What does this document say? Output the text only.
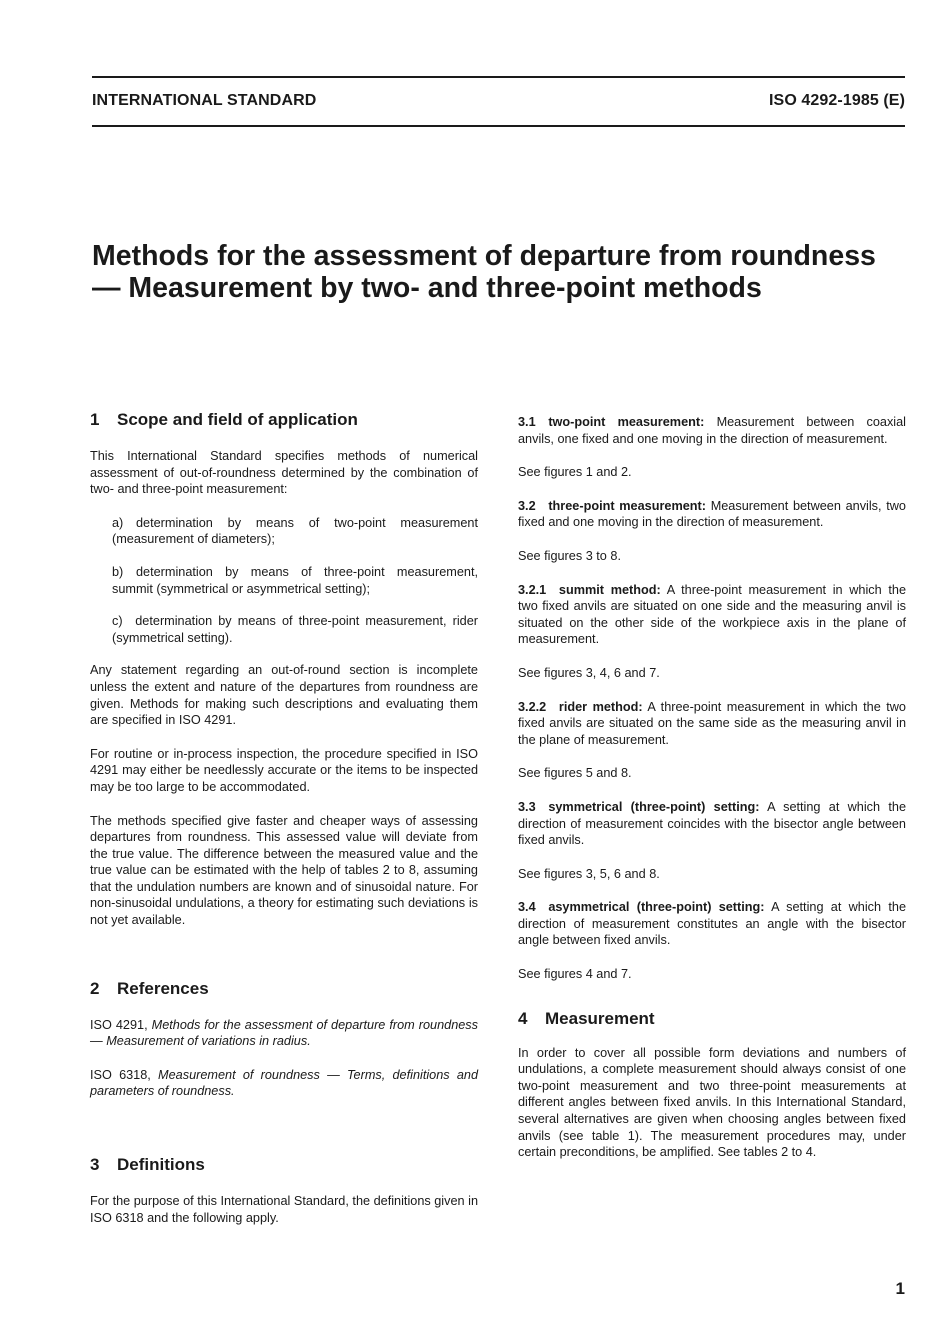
INTERNATIONAL STANDARD	ISO 4292-1985 (E)
Methods for the assessment of departure from roundness — Measurement by two- and three-point methods
1 Scope and field of application

This International Standard specifies methods of numerical assessment of out-of-roundness determined by the combination of two- and three-point measurement:

a) determination by means of two-point measurement (measurement of diameters);

b) determination by means of three-point measurement, summit (symmetrical or asymmetrical setting);

c) determination by means of three-point measurement, rider (symmetrical setting).

Any statement regarding an out-of-round section is incomplete unless the extent and nature of the departures from roundness are given. Methods for making such descriptions and evaluating them are specified in ISO 4291.

For routine or in-process inspection, the procedure specified in ISO 4291 may either be needlessly accurate or the items to be inspected may be too large to be accommodated.

The methods specified give faster and cheaper ways of assessing departures from roundness. This assessed value will deviate from the true value. The difference between the measured value and the true value can be estimated with the help of tables 2 to 8, assuming that the undulation numbers are known and of sinusoidal nature. For non-sinusoidal undulations, a theory for estimating such deviations is not yet available.

2 References

ISO 4291, Methods for the assessment of departure from roundness — Measurement of variations in radius.

ISO 6318, Measurement of roundness — Terms, definitions and parameters of roundness.

3 Definitions

For the purpose of this International Standard, the definitions given in ISO 6318 and the following apply.

3.1 two-point measurement: Measurement between coaxial anvils, one fixed and one moving in the direction of measurement.

See figures 1 and 2.

3.2 three-point measurement: Measurement between anvils, two fixed and one moving in the direction of measurement.

See figures 3 to 8.

3.2.1 summit method: A three-point measurement in which the two fixed anvils are situated on one side and the measuring anvil is situated on the other side of the workpiece axis in the plane of measurement.

See figures 3, 4, 6 and 7.

3.2.2 rider method: A three-point measurement in which the two fixed anvils are situated on the same side as the measuring anvil in the plane of measurement.

See figures 5 and 8.

3.3 symmetrical (three-point) setting: A setting at which the direction of measurement coincides with the bisector angle between fixed anvils.

See figures 3, 5, 6 and 8.

3.4 asymmetrical (three-point) setting: A setting at which the direction of measurement constitutes an angle with the bisector angle between fixed anvils.

See figures 4 and 7.

4 Measurement

In order to cover all possible form deviations and numbers of undulations, a complete measurement should always consist of one two-point measurement and two three-point measurements at different angles between fixed anvils. In this International Standard, several alternatives are given when choosing angles between fixed anvils (see table 1). The measurement procedures may, under certain preconditions, be amplified. See tables 2 to 4.

1
